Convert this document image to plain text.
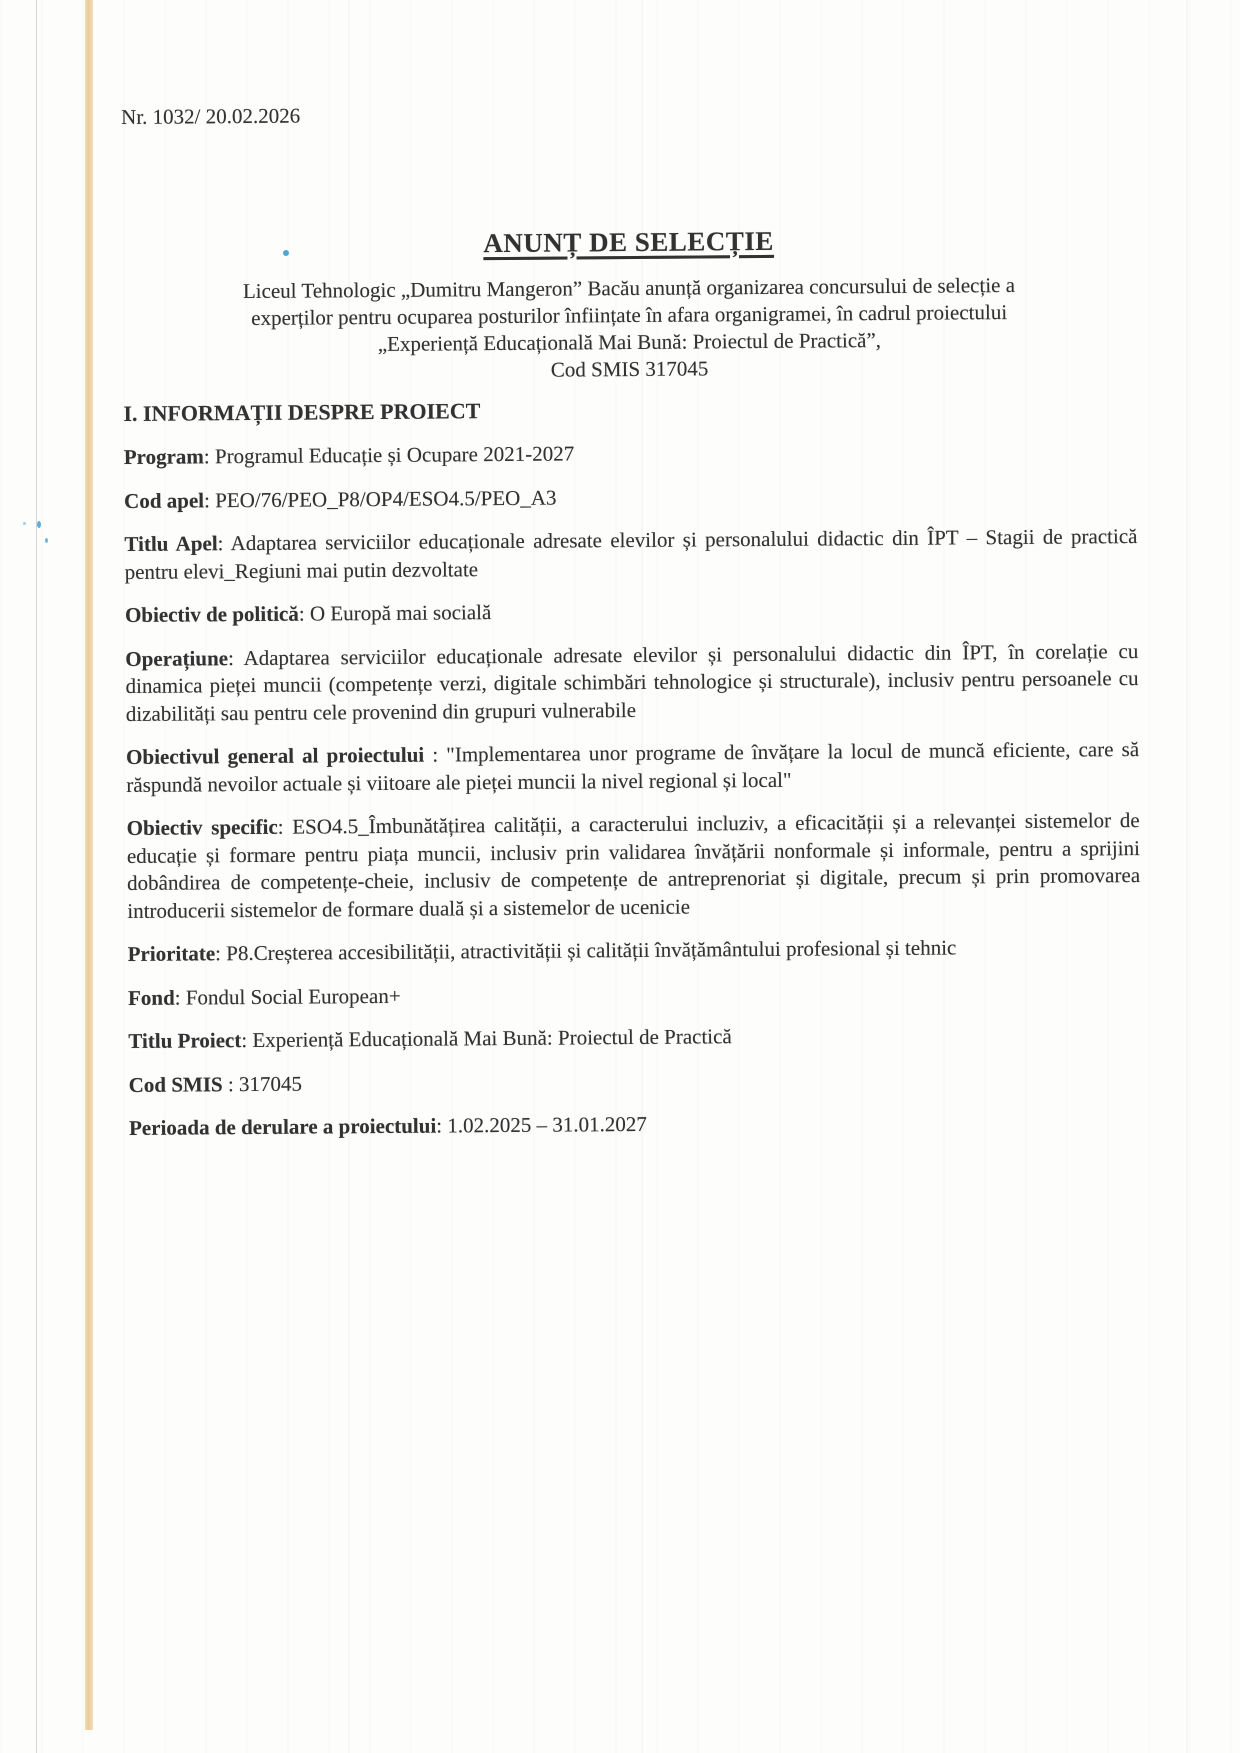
Nr. 1032/ 20.02.2026

ANUNȚ DE SELECȚIE
Liceul Tehnologic „Dumitru Mangeron” Bacău anunță organizarea concursului de selecție a
experților pentru ocuparea posturilor înființate în afara organigramei, în cadrul proiectului
„Experiență Educațională Mai Bună: Proiectul de Practică”,
Cod SMIS 317045
I. INFORMAȚII DESPRE PROIECT

Program: Programul Educație și Ocupare 2021-2027

Cod apel: PEO/76/PEO_P8/OP4/ESO4.5/PEO_A3

Titlu Apel: Adaptarea serviciilor educaționale adresate elevilor și personalului didactic din ÎPT – Stagii de practică pentru elevi_Regiuni mai putin dezvoltate

Obiectiv de politică: O Europă mai socială

Operațiune: Adaptarea serviciilor educaționale adresate elevilor și personalului didactic din ÎPT, în corelație cu dinamica pieței muncii (competențe verzi, digitale schimbări tehnologice și structurale), inclusiv pentru persoanele cu dizabilități sau pentru cele provenind din grupuri vulnerabile

Obiectivul general al proiectului : "Implementarea unor programe de învățare la locul de muncă eficiente, care să răspundă nevoilor actuale și viitoare ale pieței muncii la nivel regional și local"

Obiectiv specific: ESO4.5_Îmbunătățirea calității, a caracterului incluziv, a eficacității și a relevanței sistemelor de educație și formare pentru piața muncii, inclusiv prin validarea învățării nonformale și informale, pentru a sprijini dobândirea de competențe-cheie, inclusiv de competențe de antreprenoriat și digitale, precum și prin promovarea introducerii sistemelor de formare duală și a sistemelor de ucenicie

Prioritate: P8.Creșterea accesibilității, atractivității și calității învățământului profesional și tehnic

Fond: Fondul Social European+

Titlu Proiect: Experiență Educațională Mai Bună: Proiectul de Practică

Cod SMIS : 317045

Perioada de derulare a proiectului: 1.02.2025 – 31.01.2027
